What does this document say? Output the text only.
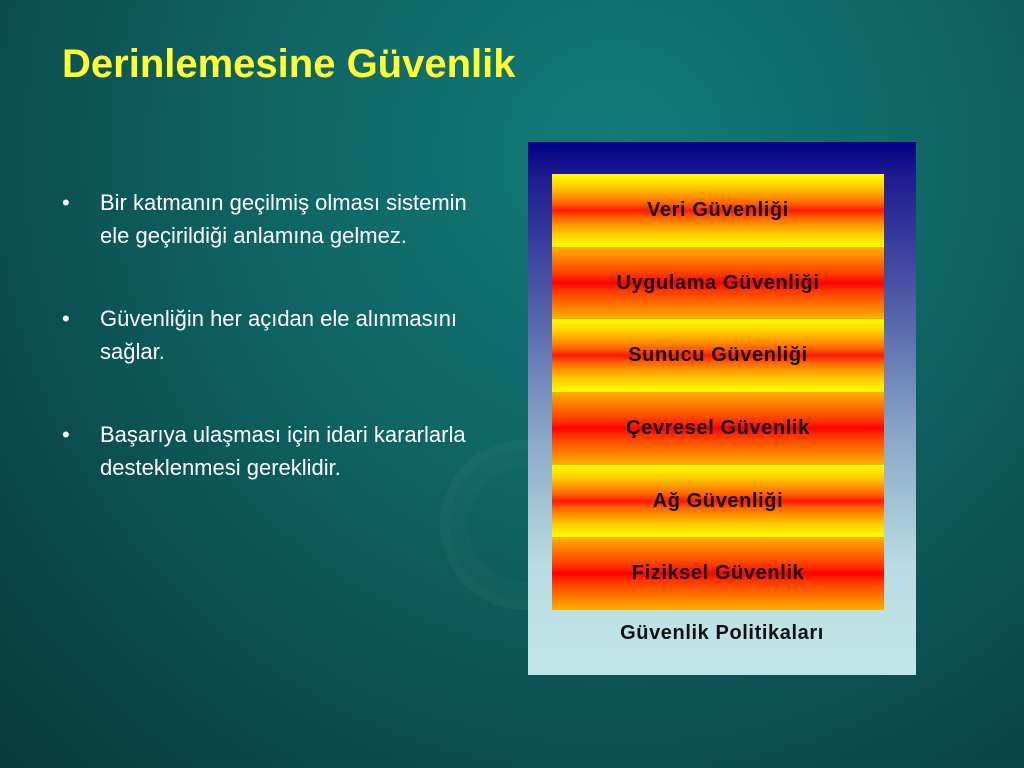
Derinlemesine Güvenlik
• Bir katmanın geçilmiş olması sistemin ele geçirildiği anlamına gelmez.
• Güvenliğin her açıdan ele alınmasını sağlar.
• Başarıya ulaşması için idari kararlarla desteklenmesi gereklidir.
Veri Güvenliği
Uygulama Güvenliği
Sunucu Güvenliği
Çevresel Güvenlik
Ağ Güvenliği
Fiziksel Güvenlik
Güvenlik Politikaları
